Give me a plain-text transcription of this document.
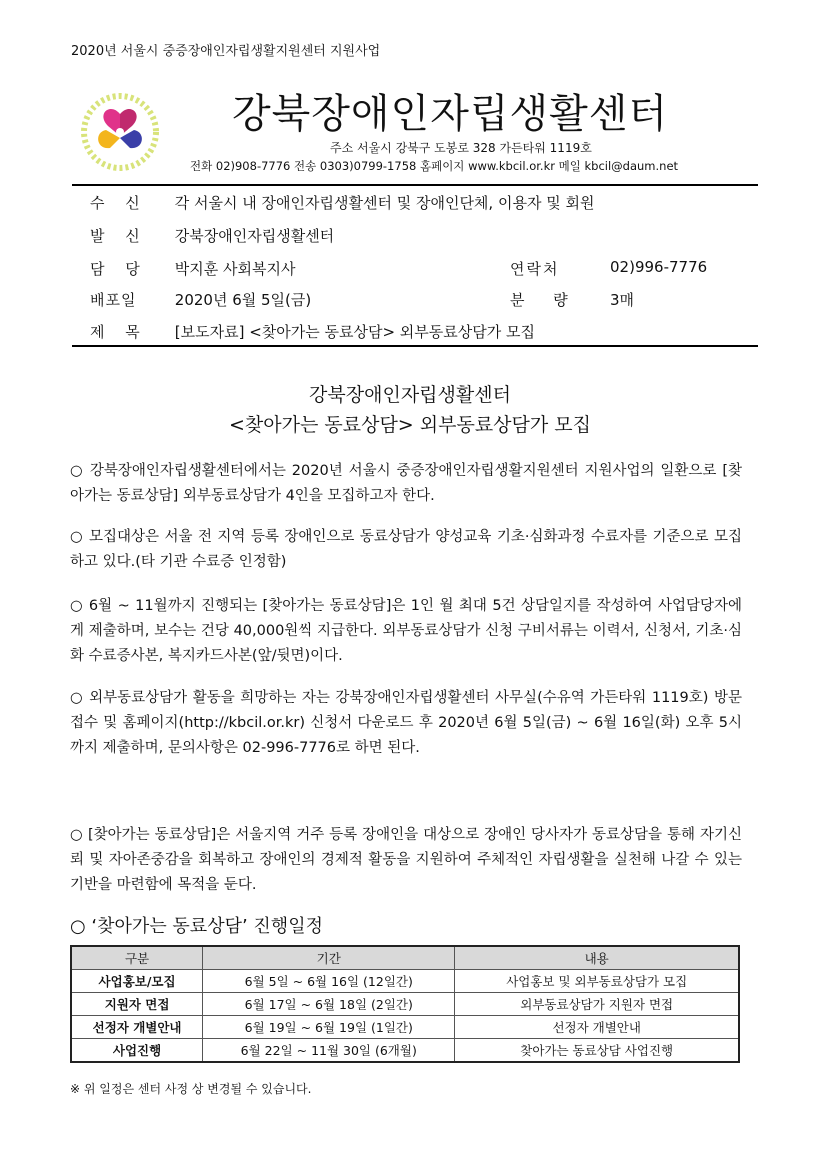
2020년 서울시 중증장애인자립생활지원센터 지원사업
강북장애인자립생활센터
주소 서울시 강북구 도봉로 328 가든타워 1119호
전화 02)908-7776 전송 0303)0799-1758 홈페이지 www.kbcil.or.kr 메일 kbcil@daum.net
수 신 각 서울시 내 장애인자립생활센터 및 장애인단체, 이용자 및 회원
발 신 강북장애인자립생활센터
담 당 박지훈 사회복지사	연락처	02)996-7776
배포일	2020년 6월 5일(금)	분 량 3매
제 목 [보도자료] <찾아가는 동료상담> 외부동료상담가 모집
강북장애인자립생활센터
<찾아가는 동료상담> 외부동료상담가 모집
○ 강북장애인자립생활센터에서는 2020년 서울시 중증장애인자립생활지원센터 지원사업의 일환으로 [찾아가는 동료상담] 외부동료상담가 4인을 모집하고자 한다.
○ 모집대상은 서울 전 지역 등록 장애인으로 동료상담가 양성교육 기초·심화과정 수료자를 기준으로 모집하고 있다.(타 기관 수료증 인정함)
○ 6월 ~ 11월까지 진행되는 [찾아가는 동료상담]은 1인 월 최대 5건 상담일지를 작성하여 사업담당자에게 제출하며, 보수는 건당 40,000원씩 지급한다. 외부동료상담가 신청 구비서류는 이력서, 신청서, 기초·심화 수료증사본, 복지카드사본(앞/뒷면)이다.
○ 외부동료상담가 활동을 희망하는 자는 강북장애인자립생활센터 사무실(수유역 가든타워 1119호) 방문접수 및 홈페이지(http://kbcil.or.kr) 신청서 다운로드 후 2020년 6월 5일(금) ~ 6월 16일(화) 오후 5시까지 제출하며, 문의사항은 02-996-7776로 하면 된다.
○ [찾아가는 동료상담]은 서울지역 거주 등록 장애인을 대상으로 장애인 당사자가 동료상담을 통해 자기신뢰 및 자아존중감을 회복하고 장애인의 경제적 활동을 지원하여 주체적인 자립생활을 실천해 나갈 수 있는 기반을 마련함에 목적을 둔다.
○ ‘찾아가는 동료상담’ 진행일정
구분	기간	내용
사업홍보/모집	6월 5일 ~ 6월 16일 (12일간)	사업홍보 및 외부동료상담가 모집
지원자 면접	6월 17일 ~ 6월 18일 (2일간)	외부동료상담가 지원자 면접
선정자 개별안내	6월 19일 ~ 6월 19일 (1일간)	선정자 개별안내
사업진행	6월 22일 ~ 11월 30일 (6개월)	찾아가는 동료상담 사업진행
※ 위 일정은 센터 사정 상 변경될 수 있습니다.
